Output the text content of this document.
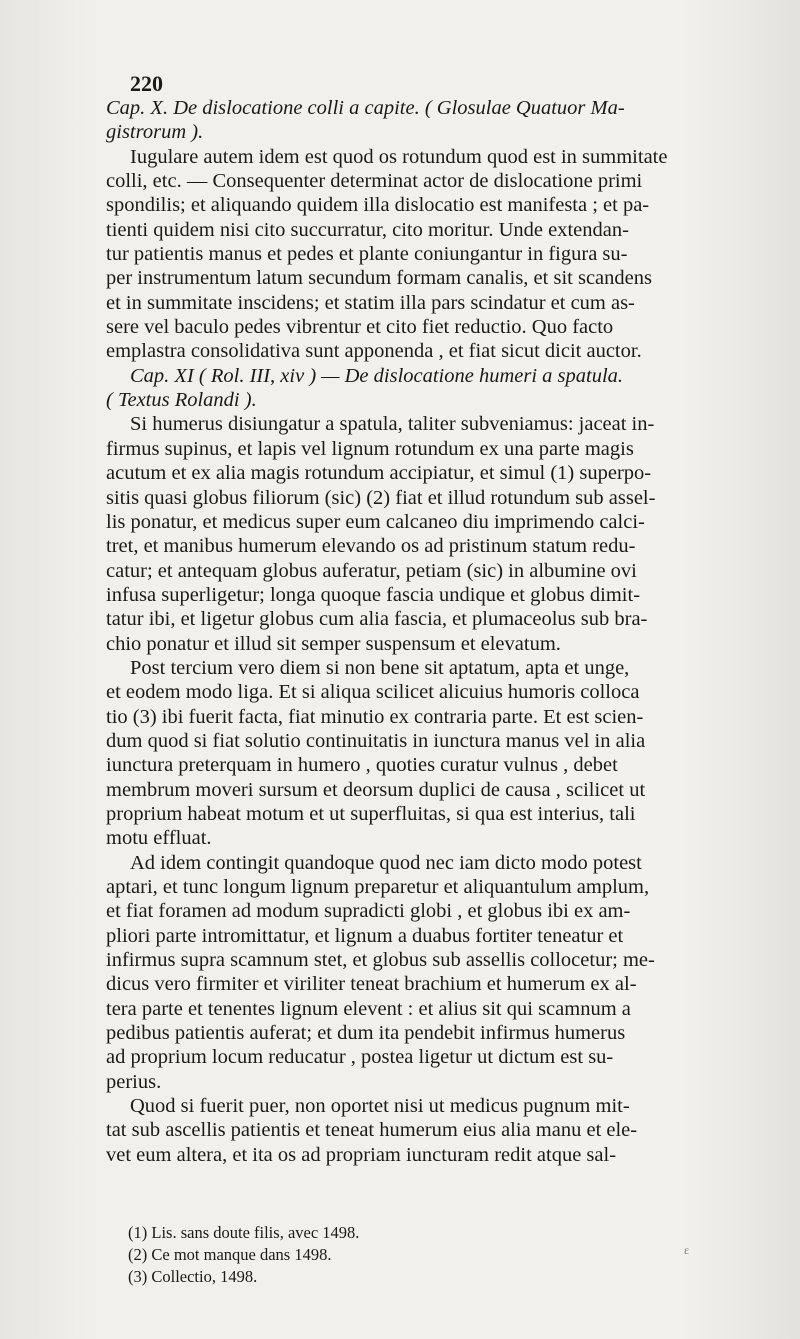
220

Cap. X. De dislocatione colli a capite. ( Glosulae Quatuor Ma-

gistrorum ).

Iugulare autem idem est quod os rotundum quod est in summitate

colli, etc. — Consequenter determinat actor de dislocatione primi

spondilis; et aliquando quidem illa dislocatio est manifesta ; et pa-

tienti quidem nisi cito succurratur, cito moritur. Unde extendan-

tur patientis manus et pedes et plante coniungantur in figura su-

per instrumentum latum secundum formam canalis, et sit scandens

et in summitate inscidens; et statim illa pars scindatur et cum as-

sere vel baculo pedes vibrentur et cito fiet reductio. Quo facto

emplastra consolidativa sunt apponenda , et fiat sicut dicit auctor.

Cap. XI ( Rol. III, xiv ) — De dislocatione humeri a spatula.

( Textus Rolandi ).

Si humerus disiungatur a spatula, taliter subveniamus: jaceat in-

firmus supinus, et lapis vel lignum rotundum ex una parte magis

acutum et ex alia magis rotundum accipiatur, et simul (1) superpo-

sitis quasi globus filiorum (sic) (2) fiat et illud rotundum sub assel-

lis ponatur, et medicus super eum calcaneo diu imprimendo calci-

tret, et manibus humerum elevando os ad pristinum statum redu-

catur; et antequam globus auferatur, petiam (sic) in albumine ovi

infusa superligetur; longa quoque fascia undique et globus dimit-

tatur ibi, et ligetur globus cum alia fascia, et plumaceolus sub bra-

chio ponatur et illud sit semper suspensum et elevatum.

Post tercium vero diem si non bene sit aptatum, apta et unge,

et eodem modo liga. Et si aliqua scilicet alicuius humoris colloca

tio (3) ibi fuerit facta, fiat minutio ex contraria parte. Et est scien-

dum quod si fiat solutio continuitatis in iunctura manus vel in alia

iunctura preterquam in humero , quoties curatur vulnus , debet

membrum moveri sursum et deorsum duplici de causa , scilicet ut

proprium habeat motum et ut superfluitas, si qua est interius, tali

motu effluat.

Ad idem contingit quandoque quod nec iam dicto modo potest

aptari, et tunc longum lignum preparetur et aliquantulum amplum,

et fiat foramen ad modum supradicti globi , et globus ibi ex am-

pliori parte intromittatur, et lignum a duabus fortiter teneatur et

infirmus supra scamnum stet, et globus sub assellis collocetur; me-

dicus vero firmiter et viriliter teneat brachium et humerum ex al-

tera parte et tenentes lignum elevent : et alius sit qui scamnum a

pedibus patientis auferat; et dum ita pendebit infirmus humerus

ad proprium locum reducatur , postea ligetur ut dictum est su-

perius.

Quod si fuerit puer, non oportet nisi ut medicus pugnum mit-

tat sub ascellis patientis et teneat humerum eius alia manu et ele-

vet eum altera, et ita os ad propriam iuncturam redit atque sal-

(1) Lis. sans doute filis, avec 1498.

(2) Ce mot manque dans 1498.

(3) Collectio, 1498.

ε
